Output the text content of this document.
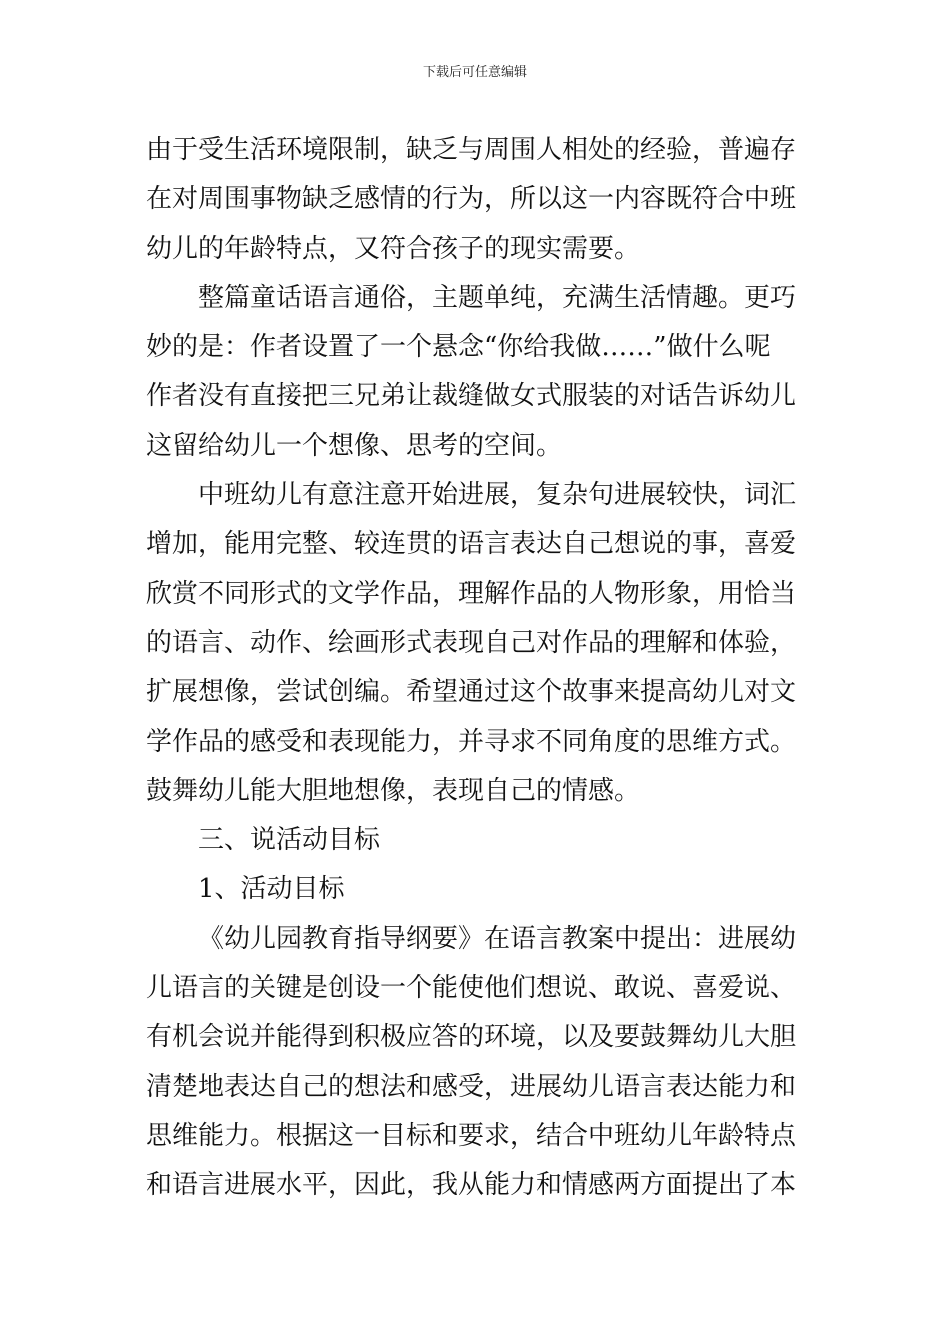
下载后可任意编辑
由于受生活环境限制，缺乏与周围人相处的经验，普遍存
在对周围事物缺乏感情的行为，所以这一内容既符合中班
幼儿的年龄特点，又符合孩子的现实需要。
整篇童话语言通俗，主题单纯，充满生活情趣。更巧
妙的是：作者设置了一个悬念“你给我做……”做什么呢
作者没有直接把三兄弟让裁缝做女式服装的对话告诉幼儿
这留给幼儿一个想像、思考的空间。
中班幼儿有意注意开始进展，复杂句进展较快，词汇
增加，能用完整、较连贯的语言表达自己想说的事，喜爱
欣赏不同形式的文学作品，理解作品的人物形象，用恰当
的语言、动作、绘画形式表现自己对作品的理解和体验，
扩展想像，尝试创编。希望通过这个故事来提高幼儿对文
学作品的感受和表现能力，并寻求不同角度的思维方式。
鼓舞幼儿能大胆地想像，表现自己的情感。
三、说活动目标
1、活动目标
《幼儿园教育指导纲要》在语言教案中提出：进展幼
儿语言的关键是创设一个能使他们想说、敢说、喜爱说、
有机会说并能得到积极应答的环境，以及要鼓舞幼儿大胆
清楚地表达自己的想法和感受，进展幼儿语言表达能力和
思维能力。根据这一目标和要求，结合中班幼儿年龄特点
和语言进展水平，因此，我从能力和情感两方面提出了本
